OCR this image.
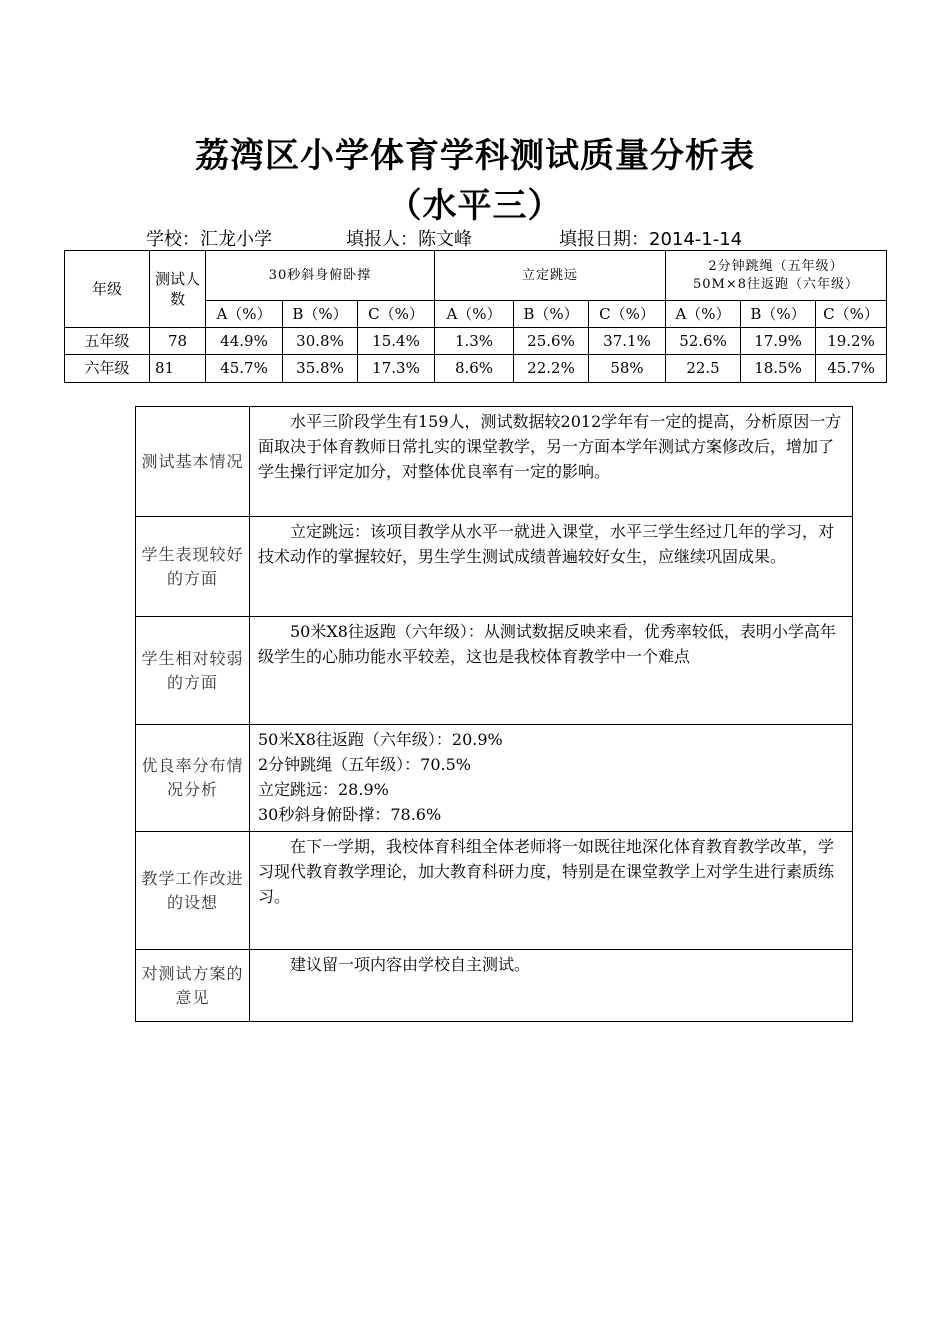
荔湾区小学体育学科测试质量分析表
（水平三）
学校：汇龙小学	填报人：陈文峰	填报日期：2014-1-14
年级	测试人数	30秒斜身俯卧撑			立定跳远			2分钟跳绳（五年级）
50M×8往返跑（六年级）		
		A（%）	B（%）	C（%）	A（%）	B（%）	C（%）	A（%）	B（%）	C（%）
五年级	78	44.9%	30.8%	15.4%	1.3%	25.6%	37.1%	52.6%	17.9%	19.2%
六年级	81	45.7%	35.8%	17.3%	8.6%	22.2%	58%	22.5	18.5%	45.7%
测试基本情况	水平三阶段学生有159人，测试数据较2012学年有一定的提高，分析原因一方面取决于体育教师日常扎实的课堂教学，另一方面本学年测试方案修改后，增加了学生操行评定加分，对整体优良率有一定的影响。

学生表现较好的方面	立定跳远：该项目教学从水平一就进入课堂，水平三学生经过几年的学习，对技术动作的掌握较好，男生学生测试成绩普遍较好女生，应继续巩固成果。

学生相对较弱的方面	50米X8往返跑（六年级）：从测试数据反映来看，优秀率较低，表明小学高年级学生的心肺功能水平较差，这也是我校体育教学中一个难点

优良率分布情况分析	50米X8往返跑（六年级）：20.9%
2分钟跳绳（五年级）：70.5%
立定跳远：28.9%
30秒斜身俯卧撑：78.6%

教学工作改进的设想	在下一学期，我校体育科组全体老师将一如既往地深化体育教育教学改革，学习现代教育教学理论，加大教育科研力度，特别是在课堂教学上对学生进行素质练习。

对测试方案的意见	建议留一项内容由学校自主测试。
